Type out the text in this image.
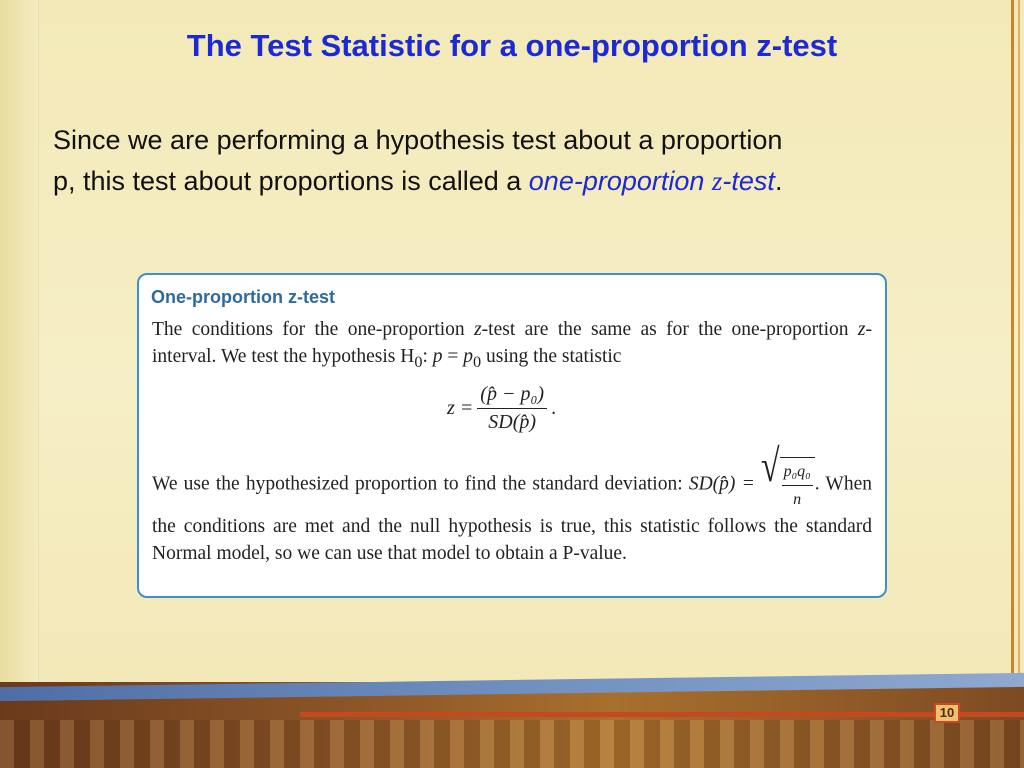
The Test Statistic for a one-proportion z-test
Since we are performing a hypothesis test about a proportion
p, this test about proportions is called a one-proportion z-test.
One-proportion z-test
The conditions for the one-proportion z-test are the same as for the one-proportion z-interval. We test the hypothesis $H_0$: $p = p_0$ using the statistic
$z = \frac{\text{(p̂ − p₀)}}{SD(p̂)}$ .
We use the hypothesized proportion to find the standard deviation: SD(p̂) = √ $\frac{\text{p₀q₀}}{n}$ . When the conditions are met and the null hypothesis is true, this statistic follows the standard Normal model, so we can use that model to obtain a P-value.
10
